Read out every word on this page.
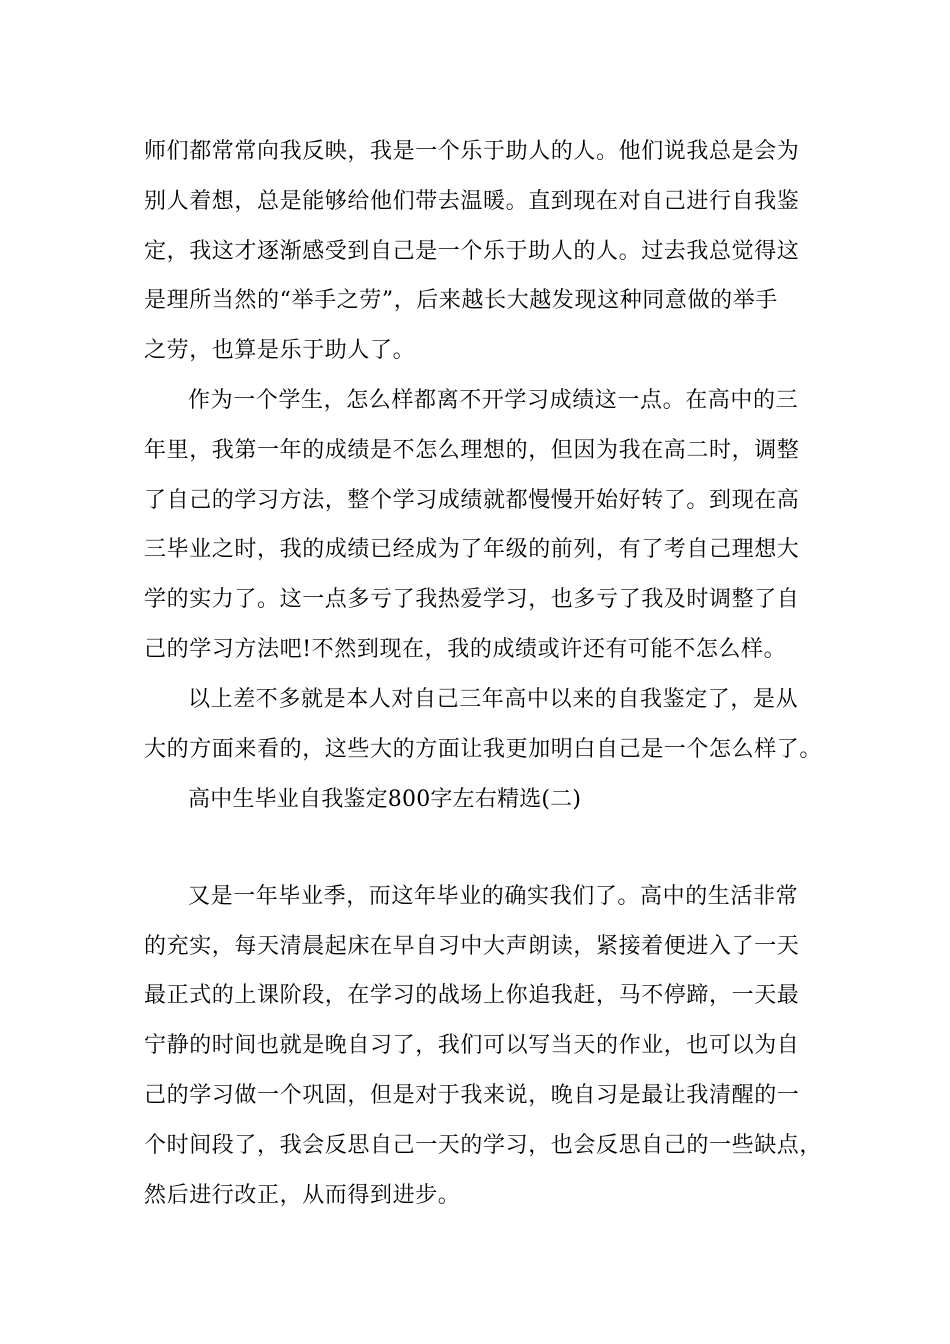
师们都常常向我反映，我是一个乐于助人的人。他们说我总是会为
别人着想，总是能够给他们带去温暖。直到现在对自己进行自我鉴
定，我这才逐渐感受到自己是一个乐于助人的人。过去我总觉得这
是理所当然的“举手之劳”，后来越长大越发现这种同意做的举手
之劳，也算是乐于助人了。
作为一个学生，怎么样都离不开学习成绩这一点。在高中的三
年里，我第一年的成绩是不怎么理想的，但因为我在高二时，调整
了自己的学习方法，整个学习成绩就都慢慢开始好转了。到现在高
三毕业之时，我的成绩已经成为了年级的前列，有了考自己理想大
学的实力了。这一点多亏了我热爱学习，也多亏了我及时调整了自
己的学习方法吧!不然到现在，我的成绩或许还有可能不怎么样。
以上差不多就是本人对自己三年高中以来的自我鉴定了，是从
大的方面来看的，这些大的方面让我更加明白自己是一个怎么样了。
高中生毕业自我鉴定800字左右精选(二)
又是一年毕业季，而这年毕业的确实我们了。高中的生活非常
的充实，每天清晨起床在早自习中大声朗读，紧接着便进入了一天
最正式的上课阶段，在学习的战场上你追我赶，马不停蹄，一天最
宁静的时间也就是晚自习了，我们可以写当天的作业，也可以为自
己的学习做一个巩固，但是对于我来说，晚自习是最让我清醒的一
个时间段了，我会反思自己一天的学习，也会反思自己的一些缺点，
然后进行改正，从而得到进步。
